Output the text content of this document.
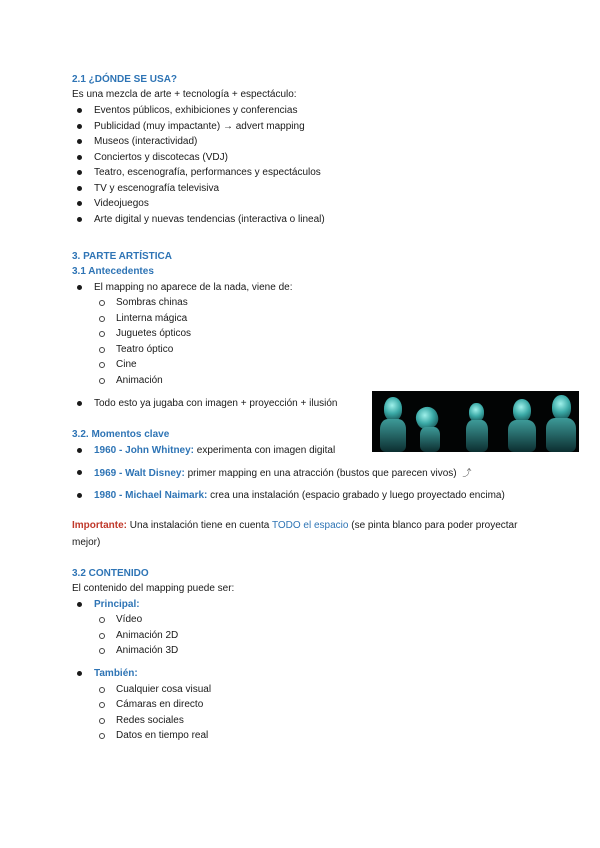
2.1 ¿DÓNDE SE USA?
Es una mezcla de arte + tecnología + espectáculo:
Eventos públicos, exhibiciones y conferencias
Publicidad (muy impactante) → advert mapping
Museos (interactividad)
Conciertos y discotecas (VDJ)
Teatro, escenografía, performances y espectáculos
TV y escenografía televisiva
Videojuegos
Arte digital y nuevas tendencias (interactiva o lineal)
3. PARTE ARTÍSTICA
3.1 Antecedentes
El mapping no aparece de la nada, viene de:
Sombras chinas
Linterna mágica
Juguetes ópticos
Teatro óptico
Cine
Animación
Todo esto ya jugaba con imagen + proyección + ilusión
3.2. Momentos clave
1960 - John Whitney: experimenta con imagen digital
1969 - Walt Disney: primer mapping en una atracción (bustos que parecen vivos) ⤴
1980 - Michael Naimark: crea una instalación (espacio grabado y luego proyectado encima)
Importante: Una instalación tiene en cuenta TODO el espacio (se pinta blanco para poder proyectar
mejor)
3.2 CONTENIDO
El contenido del mapping puede ser:
Principal:
Vídeo
Animación 2D
Animación 3D
También:
Cualquier cosa visual
Cámaras en directo
Redes sociales
Datos en tiempo real
